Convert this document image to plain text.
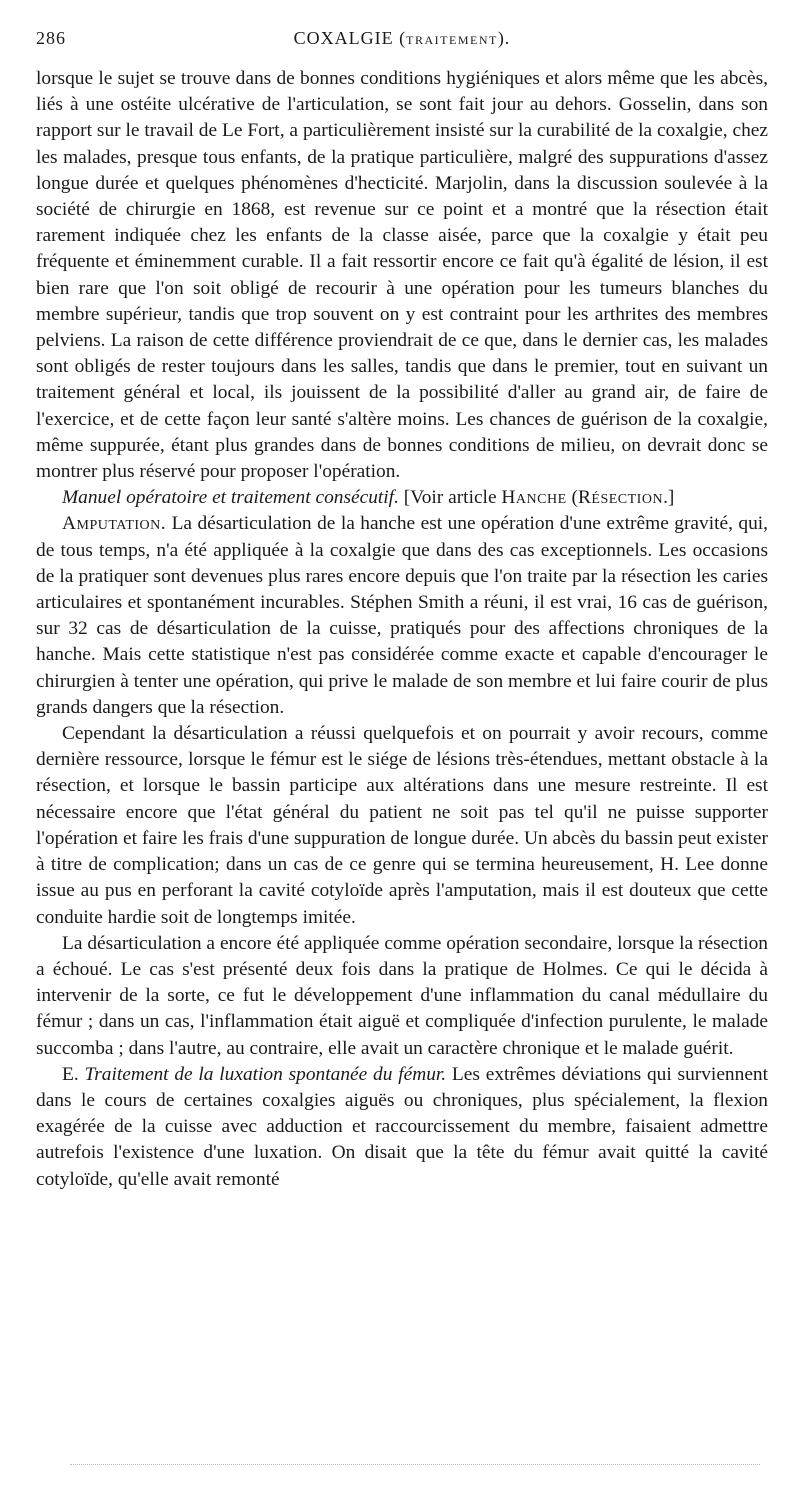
286	COXALGIE (TRAITEMENT).

lorsque le sujet se trouve dans de bonnes conditions hygiéniques et alors même que les abcès, liés à une ostéite ulcérative de l'articulation, se sont fait jour au dehors. Gosselin, dans son rapport sur le travail de Le Fort, a particulièrement insisté sur la curabilité de la coxalgie, chez les malades, presque tous enfants, de la pratique particulière, malgré des suppurations d'assez longue durée et quelques phénomènes d'hecticité. Marjolin, dans la discussion soulevée à la société de chirurgie en 1868, est revenue sur ce point et a montré que la résection était rarement indiquée chez les enfants de la classe aisée, parce que la coxalgie y était peu fréquente et éminemment curable. Il a fait ressortir encore ce fait qu'à égalité de lésion, il est bien rare que l'on soit obligé de recourir à une opération pour les tumeurs blanches du membre supérieur, tandis que trop souvent on y est contraint pour les arthrites des membres pelviens. La raison de cette différence proviendrait de ce que, dans le dernier cas, les malades sont obligés de rester toujours dans les salles, tandis que dans le premier, tout en suivant un traitement général et local, ils jouissent de la possibilité d'aller au grand air, de faire de l'exercice, et de cette façon leur santé s'altère moins. Les chances de guérison de la coxalgie, même suppurée, étant plus grandes dans de bonnes conditions de milieu, on devrait donc se montrer plus réservé pour proposer l'opération.

Manuel opératoire et traitement consécutif. [Voir article Hanche (Résection.]

Amputation. La désarticulation de la hanche est une opération d'une extrême gravité, qui, de tous temps, n'a été appliquée à la coxalgie que dans des cas exceptionnels. Les occasions de la pratiquer sont devenues plus rares encore depuis que l'on traite par la résection les caries articulaires et spontanément incurables. Stéphen Smith a réuni, il est vrai, 16 cas de guérison, sur 32 cas de désarticulation de la cuisse, pratiqués pour des affections chroniques de la hanche. Mais cette statistique n'est pas considérée comme exacte et capable d'encourager le chirurgien à tenter une opération, qui prive le malade de son membre et lui faire courir de plus grands dangers que la résection.

Cependant la désarticulation a réussi quelquefois et on pourrait y avoir recours, comme dernière ressource, lorsque le fémur est le siége de lésions très-étendues, mettant obstacle à la résection, et lorsque le bassin participe aux altérations dans une mesure restreinte. Il est nécessaire encore que l'état général du patient ne soit pas tel qu'il ne puisse supporter l'opération et faire les frais d'une suppuration de longue durée. Un abcès du bassin peut exister à titre de complication; dans un cas de ce genre qui se termina heureusement, H. Lee donne issue au pus en perforant la cavité cotyloïde après l'amputation, mais il est douteux que cette conduite hardie soit de longtemps imitée.

La désarticulation a encore été appliquée comme opération secondaire, lorsque la résection a échoué. Le cas s'est présenté deux fois dans la pratique de Holmes. Ce qui le décida à intervenir de la sorte, ce fut le développement d'une inflammation du canal médullaire du fémur ; dans un cas, l'inflammation était aiguë et compliquée d'infection purulente, le malade succomba ; dans l'autre, au contraire, elle avait un caractère chronique et le malade guérit.

E. Traitement de la luxation spontanée du fémur. Les extrêmes déviations qui surviennent dans le cours de certaines coxalgies aiguës ou chroniques, plus spécialement, la flexion exagérée de la cuisse avec adduction et raccourcissement du membre, faisaient admettre autrefois l'existence d'une luxation. On disait que la tête du fémur avait quitté la cavité cotyloïde, qu'elle avait remonté
